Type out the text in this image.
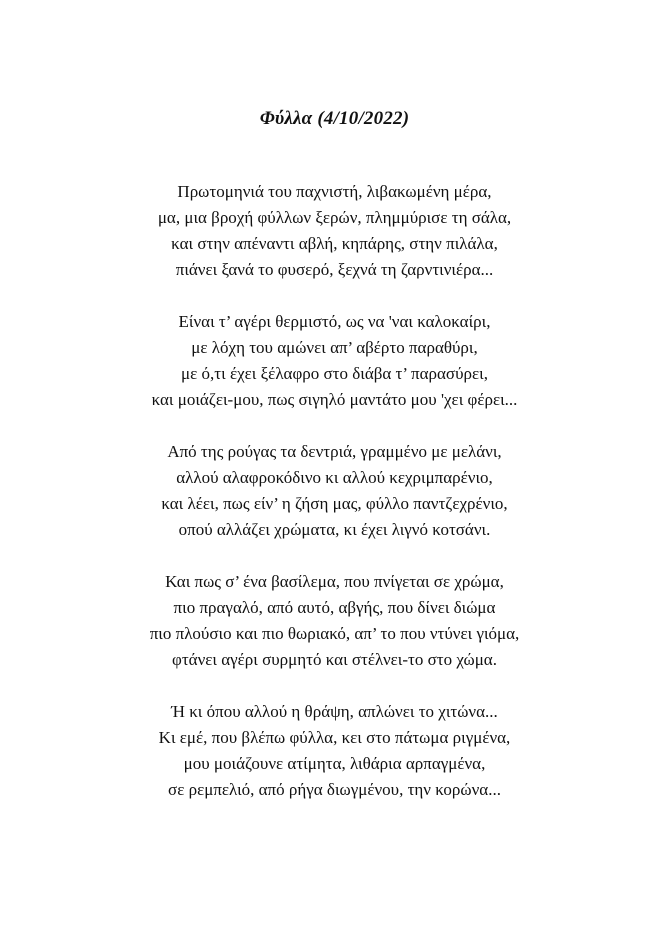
Φύλλα (4/10/2022)
Πρωτομηνιά του παχνιστή, λιβακωμένη μέρα,
μα, μια βροχή φύλλων ξερών, πλημμύρισε τη σάλα,
και στην απέναντι αβλή, κηπάρης, στην πιλάλα,
πιάνει ξανά το φυσερό, ξεχνά τη ζαρντινιέρα...
Είναι τ’ αγέρι θερμιστό, ως να 'ναι καλοκαίρι,
με λόχη του αμώνει απ’ αβέρτο παραθύρι,
με ό,τι έχει ξέλαφρο στο διάβα τ’ παρασύρει,
και μοιάζει-μου, πως σιγηλό μαντάτο μου 'χει φέρει...
Από της ρούγας τα δεντριά, γραμμένο με μελάνι,
αλλού αλαφροκόδινο κι αλλού κεχριμπαρένιο,
και λέει, πως είν’ η ζήση μας, φύλλο παντζεχρένιο,
οπού αλλάζει χρώματα, κι έχει λιγνό κοτσάνι.
Και πως σ’ ένα βασίλεμα, που πνίγεται σε χρώμα,
πιο πραγαλό, από αυτό, αβγής, που δίνει διώμα
πιο πλούσιο και πιο θωριακό, απ’ το που ντύνει γιόμα,
φτάνει αγέρι συρμητό και στέλνει-το στο χώμα.
Ή κι όπου αλλού η θράψη, απλώνει το χιτώνα...
Κι εμέ, που βλέπω φύλλα, κει στο πάτωμα ριγμένα,
μου μοιάζουνε ατίμητα, λιθάρια αρπαγμένα,
σε ρεμπελιό, από ρήγα διωγμένου, την κορώνα...
